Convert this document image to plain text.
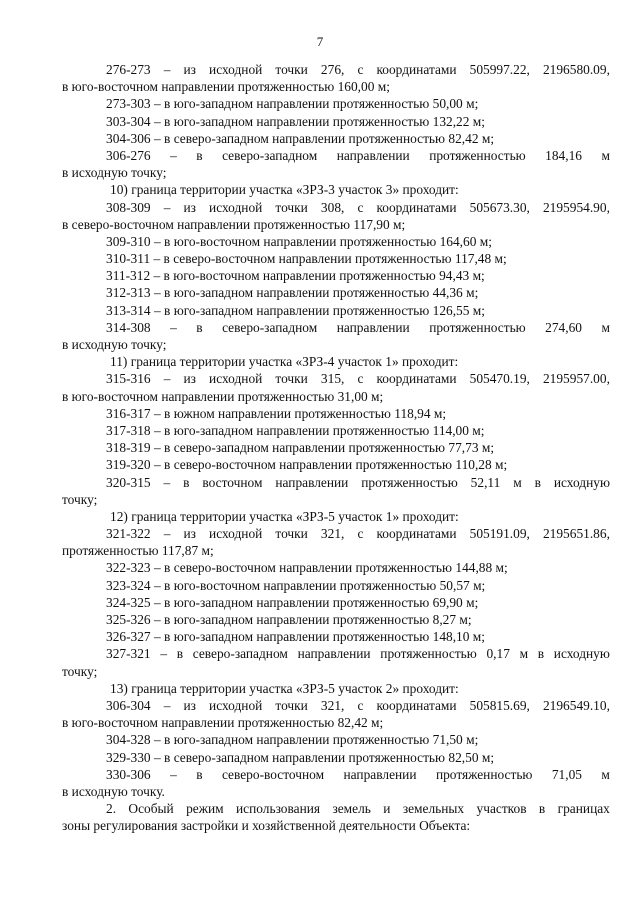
7
276-273 – из исходной точки 276, с координатами 505997.22, 2196580.09,
в юго-восточном направлении протяженностью 160,00 м;
273-303 – в юго-западном направлении протяженностью 50,00 м;
303-304 – в юго-западном направлении протяженностью 132,22 м;
304-306 – в северо-западном направлении протяженностью 82,42 м;
306-276 – в северо-западном направлении протяженностью 184,16 м
в исходную точку;
10) граница территории участка «ЗРЗ-3 участок 3» проходит:
308-309 – из исходной точки 308, с координатами 505673.30, 2195954.90,
в северо-восточном направлении протяженностью 117,90 м;
309-310 – в юго-восточном направлении протяженностью 164,60 м;
310-311 – в северо-восточном направлении протяженностью 117,48 м;
311-312 – в юго-восточном направлении протяженностью 94,43 м;
312-313 – в юго-западном направлении протяженностью 44,36 м;
313-314 – в юго-западном направлении протяженностью 126,55 м;
314-308 – в северо-западном направлении протяженностью 274,60 м
в исходную точку;
11) граница территории участка «ЗРЗ-4 участок 1» проходит:
315-316 – из исходной точки 315, с координатами 505470.19, 2195957.00,
в юго-восточном направлении протяженностью 31,00 м;
316-317 – в южном направлении протяженностью 118,94 м;
317-318 – в юго-западном направлении протяженностью 114,00 м;
318-319 – в северо-западном направлении протяженностью 77,73 м;
319-320 – в северо-восточном направлении протяженностью 110,28 м;
320-315 – в восточном направлении протяженностью 52,11 м в исходную
точку;
12) граница территории участка «ЗРЗ-5 участок 1» проходит:
321-322 – из исходной точки 321, с координатами 505191.09, 2195651.86,
протяженностью 117,87 м;
322-323 – в северо-восточном направлении протяженностью 144,88 м;
323-324 – в юго-восточном направлении протяженностью 50,57 м;
324-325 – в юго-западном направлении протяженностью 69,90 м;
325-326 – в юго-западном направлении протяженностью 8,27 м;
326-327 – в юго-западном направлении протяженностью 148,10 м;
327-321 – в северо-западном направлении протяженностью 0,17 м в исходную
точку;
13) граница территории участка «ЗРЗ-5 участок 2» проходит:
306-304 – из исходной точки 321, с координатами 505815.69, 2196549.10,
в юго-восточном направлении протяженностью 82,42 м;
304-328 – в юго-западном направлении протяженностью 71,50 м;
329-330 – в северо-западном направлении протяженностью 82,50 м;
330-306 – в северо-восточном направлении протяженностью 71,05 м
в исходную точку.
2. Особый режим использования земель и земельных участков в границах
зоны регулирования застройки и хозяйственной деятельности Объекта:
